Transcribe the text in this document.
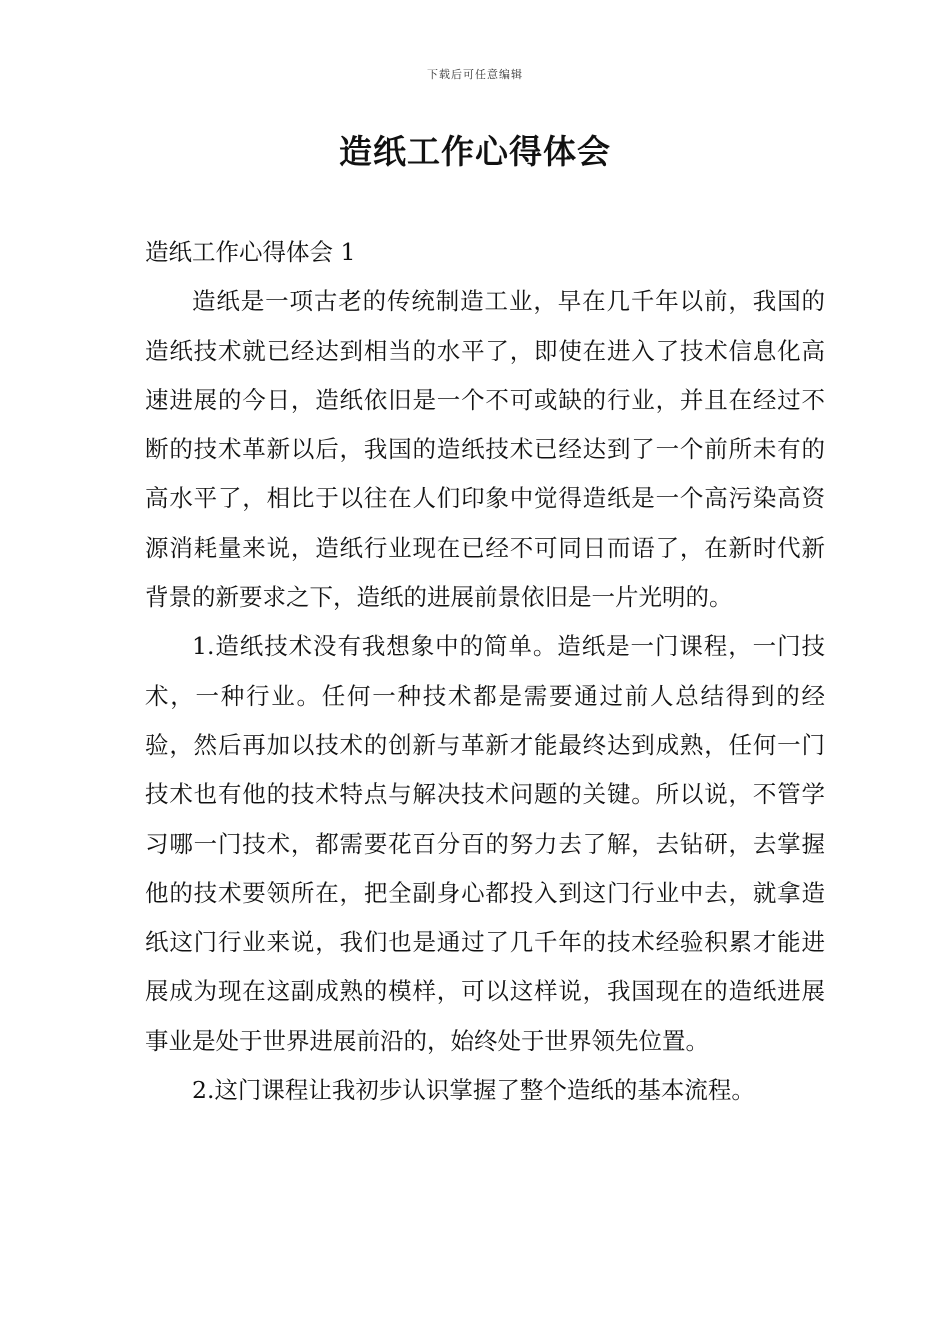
下载后可任意编辑
造纸工作心得体会
造纸工作心得体会 1

造纸是一项古老的传统制造工业，早在几千年以前，我国的造纸技术就已经达到相当的水平了，即使在进入了技术信息化高速进展的今日，造纸依旧是一个不可或缺的行业，并且在经过不断的技术革新以后，我国的造纸技术已经达到了一个前所未有的高水平了，相比于以往在人们印象中觉得造纸是一个高污染高资源消耗量来说，造纸行业现在已经不可同日而语了，在新时代新背景的新要求之下，造纸的进展前景依旧是一片光明的。

1.造纸技术没有我想象中的简单。造纸是一门课程，一门技术，一种行业。任何一种技术都是需要通过前人总结得到的经验，然后再加以技术的创新与革新才能最终达到成熟，任何一门技术也有他的技术特点与解决技术问题的关键。所以说，不管学习哪一门技术，都需要花百分百的努力去了解，去钻研，去掌握他的技术要领所在，把全副身心都投入到这门行业中去，就拿造纸这门行业来说，我们也是通过了几千年的技术经验积累才能进展成为现在这副成熟的模样，可以这样说，我国现在的造纸进展事业是处于世界进展前沿的，始终处于世界领先位置。

2.这门课程让我初步认识掌握了整个造纸的基本流程。
